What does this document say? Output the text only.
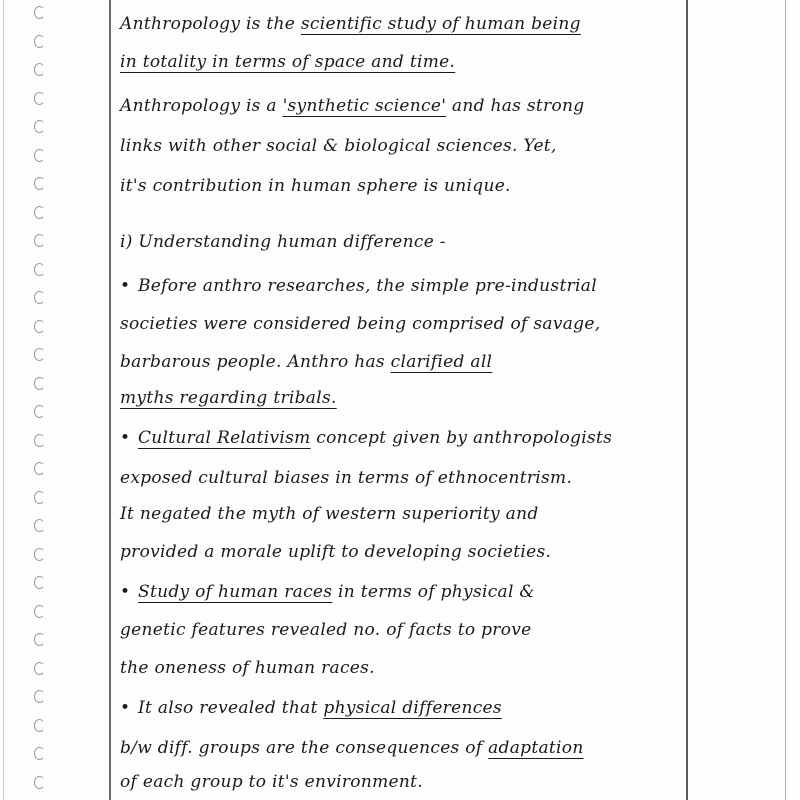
Anthropology is the scientific study of human being
in totality in terms of space and time.
Anthropology is a 'synthetic science' and has strong
links with other social & biological sciences. Yet,
it's contribution in human sphere is unique.
i) Understanding human difference -
• Before anthro researches, the simple pre-industrial
societies were considered being comprised of savage,
barbarous people. Anthro has clarified all
myths regarding tribals.
• Cultural Relativism concept given by anthropologists
exposed cultural biases in terms of ethnocentrism.
It negated the myth of western superiority and
provided a morale uplift to developing societies.
• Study of human races in terms of physical &
genetic features revealed no. of facts to prove
the oneness of human races.
• It also revealed that physical differences
b/w diff. groups are the consequences of adaptation
of each group to it's environment.
